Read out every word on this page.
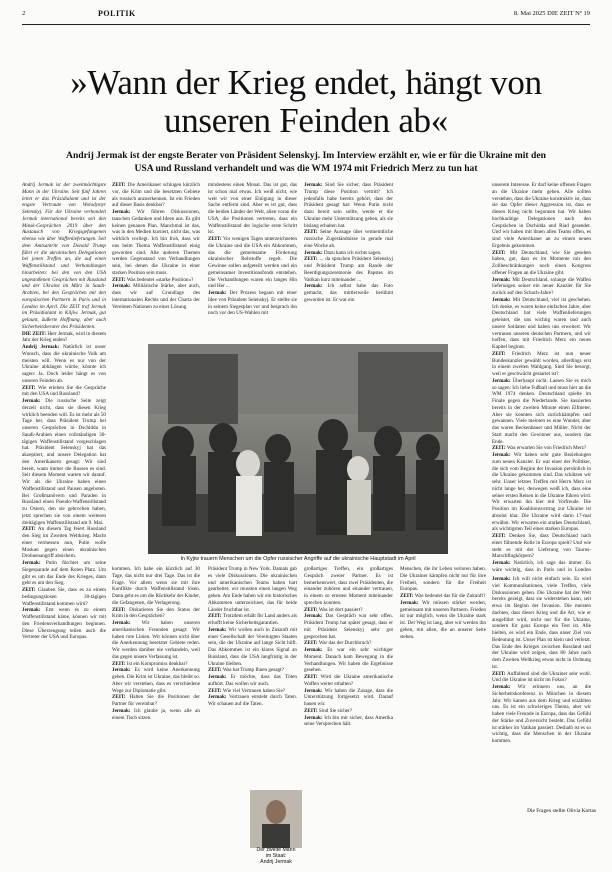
2	POLITIK	8. Mai 2025 DIE ZEIT Nº 19
»Wann der Krieg endet, hängt von unseren Feinden ab«
Andrij Jermak ist der engste Berater von Präsident Selenskyj. Im Interview erzählt er, wie er für die Ukraine mit den USA und Russland verhandelt und was die WM 1974 mit Friedrich Merz zu tun hat

Andrij Jermak ist der zweitmächtigste Mann in der Ukraine. Seit fünf Jahren leitet er das Präsidialamt und ist der engste Vertraute von Wolodymyr Selenskyj. Für die Ukraine verhandelt Jermak international bereits seit den Minsk-Gesprächen 2019 über den Austausch von Kriegsgefangenen ebenso wie über Waffenlieferungen. Seit dem Amtsantritt von Donald Trump führt er die ukrainischen Delegationen bei jenen Treffen an, die auf einen Waffenstillstand und Verhandlungen hinarbeiten: bei den von den USA angestoßenen Gesprächen mit Russland und der Ukraine im März in Saudi-Arabien, bei den Gesprächen mit den europäischen Partnern in Paris und in London im April. Die ZEIT traf Jermak im Präsidialamt in Kiljiw. Jermak, gut gelaunt, äußerte Hoffnung, aber auch Sicherheitsberater des Präsidenten.

DIE ZEIT: Herr Jermak, wird in diesem Jahr der Krieg enden?

Andrij Jermak: Natürlich ist unser Wunsch, dass die ukrainische Volk am meisten will. Wenn es nur von der Ukraine abhängen würde, könnte ich sagen: Ja. Doch leider hängt es von unseren Feinden ab.

ZEIT: Wie erleben Sie die Gespräche mit den USA und Russland?

Jermak: Die russische Seite zeigt derzeit nicht, dass sie diesen Krieg wirklich beenden will. Es ist mehr als 50 Tage her, dass Präsident Trump bei unseren Gesprächen in Dschidda in Saudi-Arabien einen vollständigen 30-tägigen Waffenstillstand vorgeschlagen hat. Präsident Selenskyj hat das akzeptiert, und unsere Delegation hat den Amerikanern gesagt: Wir sind bereit, wann immer die Russen es sind. Seit diesem Moment warten wir darauf. Wir als die Ukraine haben einen Waffenstillstand und Pausen angeboten. Bei Großmanövern und Paraden in Russland einen Pseudo-Waffenstillstand zu Ostern, den sie gebrochen haben, jetzt sprechen sie von einem weiteren dreitägigen Waffenstillstand am 9. Mai.

ZEIT: An diesem Tag feiert Russland den Sieg im Zweiten Weltkrieg. Macht einer vermessen nun, Putin wolle Moskau gegen einen ukrainischen Drohnenangriff absichern.

Jermak: Putin fürchtet um seine Siegesparade auf dem Roten Platz. Um gibt es um das Ende des Krieges, dann geht es um den Sieg.

ZEIT: Glauben Sie, dass es zu einem bedingungslosen 30-tägigen Waffenstillstand kommen wird?

Jermak: Erst wenn es zu einem Waffenstillstand käme, können wir mit den Friedensverhandlungen beginnen. Diese Überzeugung teilen auch die Vertreter der USA und Europas.

ZEIT: Die Amerikaner schlugen kürzlich vor, die Krim und die besetzten Gebiete als russisch anzuerkennen. Ist ein Frieden auf dieser Basis denkbar?

Jermak: Wir führen Diskussionen, tauschen Gedanken und Ideen aus. Es gibt keinen genauen Plan. Manchmal ist das, was in den Medien kursiert, nicht das, was wirklich vorliegt. Ich bin froh, dass wir uns beim Thema Waffenstillstand einig geworden sind. Alle anderen Themen werden Gegenstand von Verhandlungen sein, bei denen die Ukraine in einer starken Position sein muss.

ZEIT: Was bedeutet »starke Position«?

Jermak: Militärische Stärke, aber auch, dass wir auf Grundlage des internationalen Rechts und der Charta der Vereinten Nationen zu einer Lösung

mindestens einen Monat. Das ist gut, das ist schon mal etwas. Ich weiß nicht, wie weit wir von einer Einigung in dieser Sache entfernt sind. Aber es ist gut, dass die beiden Länder der Welt, allen voran die USA, die Positionen vertreten, dass ein Waffenstillstand der logische erste Schritt ist.

ZEIT: Vor wenigen Tagen unterzeichneten die Ukraine und die USA ein Abkommen, das die gemeinsame Förderung ukrainischer Rohstoffe regelt. Die Gewinne sollen aufgeteilt werden und ein gemeinsamer Investitionsfonds entstehen. Die Verhandlungen waren ein langes Hin und Her ...

Jermak: Der Prozess begann mit einer Idee von Präsident Selenskyj. Er stellte sie in seinem Siegesplan vor und besprach ihn noch vor den US-Wahlen mit

Jermak: Sind Sie sicher, dass Präsident Trump diese Position vertritt? Ich jedenfalls habe bereits gehört, dass der Präsident gesagt hat: Wenn Putin nicht dazu bereit sein sollte, werde er die Ukraine mehr Unterstützung geben, als sie bislang erhalten hat.

ZEIT: Seine Aussage über vermeintliche russische Zugeständnisse in gerade mal eine Woche ab.

Jermak: Dazu kann ich nichts sagen.

ZEIT: ... da sprachen Präsident Selenskyj und Präsident Trump am Rande der Beerdigungszeremonie des Papstes im Vatikan kurz miteinander ...

Jermak: Ich selbst habe das Foto gemacht, das mittlerweile berühmt geworden ist. Er war ein

unserem Interesse. Er darf keine offenen Fragen an die Ukraine mehr geben. Alle sollten verstehen, dass die Ukraine konstruktiv ist, dass sie das Opfer dieser Aggression ist, dass es diesen Krieg nicht begonnen hat. Wir haben hochkarätige Delegationen nach den Gesprächen in Dschidda und Riad gesendet. Und wir haben mit ihnen allen Teams offen, es sind viele Amerikaner an zu einem neuen Ergebnis gekommen.

ZEIT: Mit Deutschland, wie Sie gesehen haben, gut, dass es im Momente mit den Zollbeschränkungen noch einen Kongress offener Fragen an die Ukraine gibt.

Jermak: Mit Deutschland, solange die Waffen lieferungen seiner ein neuer Kanzler für Sie zurück auf den Schach-Jahre?

Jermak: Mit Deutschland, viel ist geschehen. Ich denke, es waren keine einfachen Jahre, aber Deutschland hat viele Waffenlieferungen geleistet, die uns wichtig waren und auch unsere Soldaten und haben uns erweitert. Wir vertrauen unseren deutschen Partnern, und wir hoffen, dass mit Friedrich Merz ein neues Kapitel beginnt.

ZEIT: Friedrich Merz ist nun neuer Bundeskanzler gewählt worden, allerdings erst in einem zweiten Wahlgang. Sind Sie besorgt, weil er geschwächt gestartet ist?

Jermak: Überhaupt nicht. Lassen Sie es mich so sagen: Ich liebe Fußball und muss hier an die WM 1974 denken. Deutschland spielte im Finale gegen die Niederlande. Sie kassierten bereits in der zweiten Minute einen Elfmeter. Aber sie konnten sich zurückkämpfen und gewannen. Viele meinten es eine Wunder, aber das waren Beckenbauer und Müller. Nicht der Start macht den Gewinner aus, sondern das Ende.

ZEIT: Was erwarten Sie von Friedrich Merz?

Jermak: Wir haben sehr gute Beziehungen zum neuen Kanzler. Er war einer der Politiker, die sich vom Beginn der Invasion persönlich in die Ukraine gekommen sind. Das schätzen wir sehr. Unser letztes Treffen mit Herrn Merz ist nicht lange her, deswegen weiß ich, dass eine seiner ersten Reisen in die Ukraine führen wird. Wir erwarten ihn hier mit Vorfreude. Die Position im Koalitionsvertrag zur Ukraine ist absolut klar. Die Ukraine wird darin 17-mal erwähnt. Wir erwarten ein starkes Deutschland, als wichtigsten Teil eines starken Europas.

ZEIT: Denken Sie, dass Deutschland nach einer führende Rolle in Europa spielt? Und wie steht es mit der Lieferung von Taurus-Marschflugkörpern?

Jermak: Natürlich, ich sage das immer. Es wäre wichtig, dass in Paris und in London

Jermak: Ich will nicht einfach sein. Es wird viel Kommunikationen, viele Treffen, viele Diskussionen geben. Die Ukraine hat der Welt bereits gezeigt, dass sie widerstehen kann, seit etwa im Beginn der Invasion. Die meisten dachten, dass dieser Krieg und die Art, wie er ausgeführt wird, nicht nur für die Ukraine, sondern für ganz Europa ein Test ist. Alle hielten, es wird ein Ende, dass unser Ziel von Bedeutung ist. Unser Plan ist klein und verletzt. Das Ende des Krieges zwischen Russland und der Ukraine wird zeigen, dass 80 Jahre nach dem Zweiten Weltkrieg etwas nicht in Ordnung ist.

ZEIT: Auffallend sind die Ukrainer sehr wohl. Und die Ukraine ist nicht im Fokus?

Jermak: Wir erinnern uns, an die Sicherheitskonferenz in München in diesem Jahr. Wir kamen aus dem Krieg und erzählten uns. Es ist ein schwieriges Thema, aber wir haben viele Freunde in Europa, dass das Gefühl der Stärke und Zuversicht besteht. Das Gefühl ist stärker im Vatikan passiert. Deshalb ist es so wichtig, dass die Menschen in der Ukraine kommen.

In Kyjiw trauern Menschen um die Opfer russischer Angriffe auf die ukrainische Hauptstadt im April

kommen. Ich habe ein kürzlich auf 30 Tage, das nicht nur drei Tage. Das ist die Frage. Vor allem wenn sie mit ihre Konflikte durch Waffenstillstand lösen. Dann geht es um die Rückkehr der Kinder, die Gefangenen, die Verlagerung.

ZEIT: Diskutieren Sie den Status der Krim in den Gesprächen?

Jermak: Wir haben unseren amerikanischen Freunden gesagt: Wir haben rote Linien. Wir können nicht über die Anerkennung besetzter Gebiete reden. Wir werden darüber nie verhandeln, weil das gegen unsere Verfassung ist.

ZEIT: Ist ein Kompromiss denkbar?

Jermak: Es wird keine Anerkennung geben. Die Krim ist Ukraine, das bleibt so. Aber wir verstehen, dass es verschiedene Wege zur Diplomatie gibt.

ZEIT: Halten Sie die Positionen der Partner für vereinbar?

Jermak: Ich glaube ja, wenn alle an einem Tisch sitzen.

Präsident Trump in New York. Damals gab es viele Diskussionen. Die ukrainischen und amerikanischen Teams haben hart gearbeitet, wir mussten einen langen Weg gehen. Am Ende haben wir ein historisches Abkommen unterzeichnet, das für beide Länder fruchtbar ist.

ZEIT: Trotzdem erhält Ihr Land anders als erhofft keine Sicherheitsgarantien.

Jermak: Wir wollen auch in Zukunft mit einer Gesellschaft der Vereinigten Staaten sein, die der Ukraine auf lange Sicht hilft. Das Abkommen ist ein klares Signal an Russland, dass die USA langfristig in der Ukraine bleiben.

ZEIT: Was hat Trump Ihnen gesagt?

Jermak: Er möchte, dass das Töten aufhört. Das wollen wir auch.

ZEIT: Wie viel Vertrauen haben Sie?

Jermak: Vertrauen entsteht durch Taten. Wir schauen auf die Taten.

großartiges Treffen, ein großartiges Gespräch zweier Partner. Es ist bemerkenswert, dass zwei Präsidenten, die einander zuhören und einander vertrauen, in einem so ernsten Moment miteinander sprechen konnten.

ZEIT: Was ist dort passiert?

Jermak: Das Gespräch war sehr offen. Präsident Trump hat später gesagt, dass er mit Präsident Selenskyj sehr gut gesprochen hat.

ZEIT: War das der Durchbruch?

Jermak: Es war ein sehr wichtiger Moment. Danach kam Bewegung in die Verhandlungen. Wir haben die Ergebnisse gesehen.

ZEIT: Wird die Ukraine amerikanische Waffen weiter erhalten?

Jermak: Wir haben die Zusage, dass die Unterstützung fortgesetzt wird. Darauf bauen wir.

ZEIT: Sind Sie sicher?

Jermak: Ich bin mir sicher, dass Amerika seine Versprechen hält.

Menschen, die ihr Leben verloren haben. Die Ukrainer kämpfen nicht nur für ihre Freiheit, sondern für die Freiheit Europas.

ZEIT: Was bedeutet das für die Zukunft?

Jermak: Wir müssen stärker werden, gemeinsam mit unseren Partnern. Frieden ist nur möglich, wenn die Ukraine stark ist. Der Weg ist lang, aber wir werden ihn gehen, mit allen, die an unserer Seite stehen.

Der zweite Mann
im Staat:
Andrij Jermak
Die Fragen stellte Olivia Kortas
